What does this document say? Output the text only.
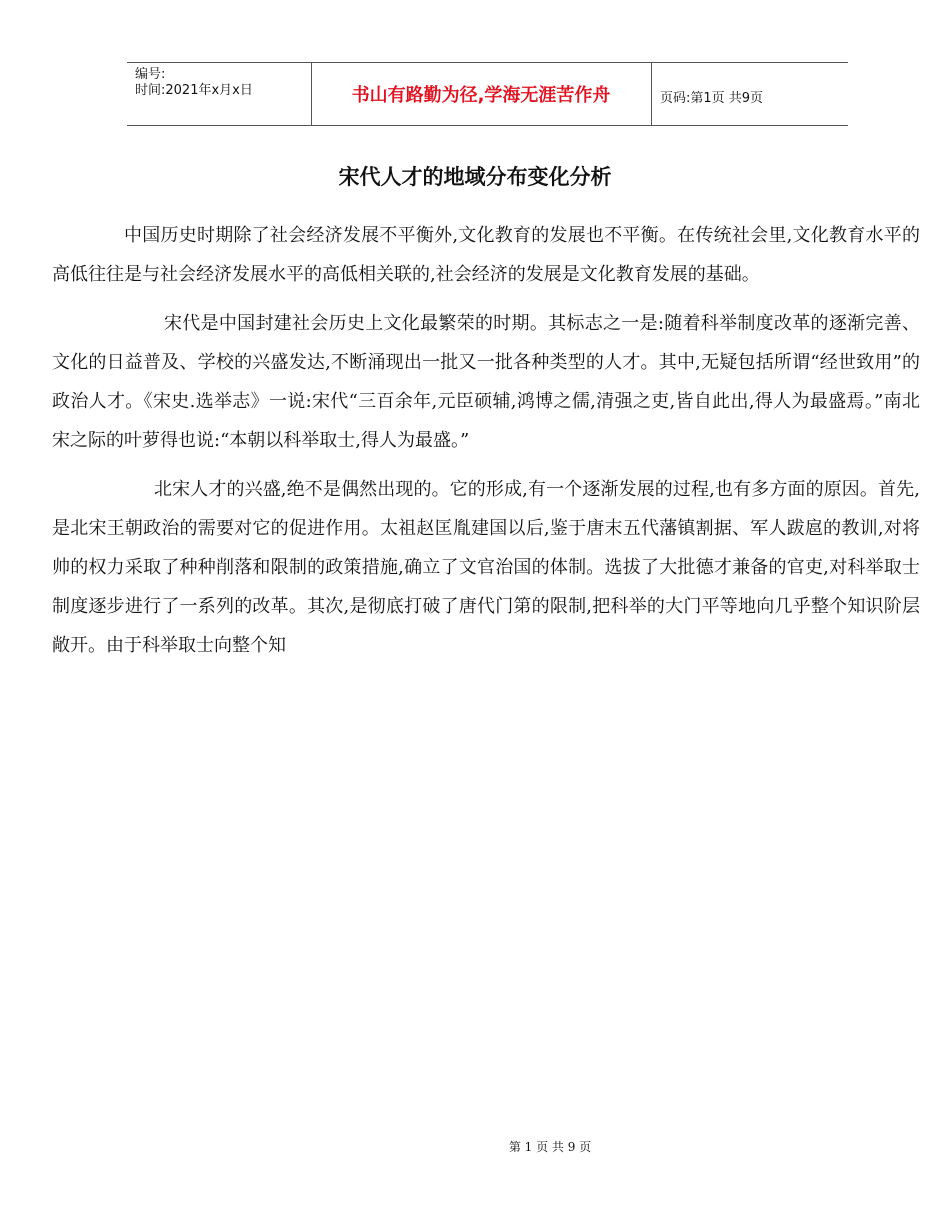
编号:
时间:2021年x月x日	书山有路勤为径,学海无涯苦作舟	页码:第1页 共9页
宋代人才的地域分布变化分析

中国历史时期除了社会经济发展不平衡外,文化教育的发展也不平衡。在传统社会里,文化教育水平的高低往往是与社会经济发展水平的高低相关联的,社会经济的发展是文化教育发展的基础。

宋代是中国封建社会历史上文化最繁荣的时期。其标志之一是:随着科举制度改革的逐渐完善、文化的日益普及、学校的兴盛发达,不断涌现出一批又一批各种类型的人才。其中,无疑包括所谓“经世致用”的政治人才。《宋史.选举志》一说:宋代“三百余年,元臣硕辅,鸿博之儒,清强之吏,皆自此出,得人为最盛焉。”南北宋之际的叶萝得也说:“本朝以科举取士,得人为最盛。”

北宋人才的兴盛,绝不是偶然出现的。它的形成,有一个逐渐发展的过程,也有多方面的原因。首先,是北宋王朝政治的需要对它的促进作用。太祖赵匡胤建国以后,鉴于唐末五代藩镇割据、军人跋扈的教训,对将帅的权力采取了种种削落和限制的政策措施,确立了文官治国的体制。选拔了大批德才兼备的官吏,对科举取士制度逐步进行了一系列的改革。其次,是彻底打破了唐代门第的限制,把科举的大门平等地向几乎整个知识阶层敞开。由于科举取士向整个知

第 1 页 共 9 页
